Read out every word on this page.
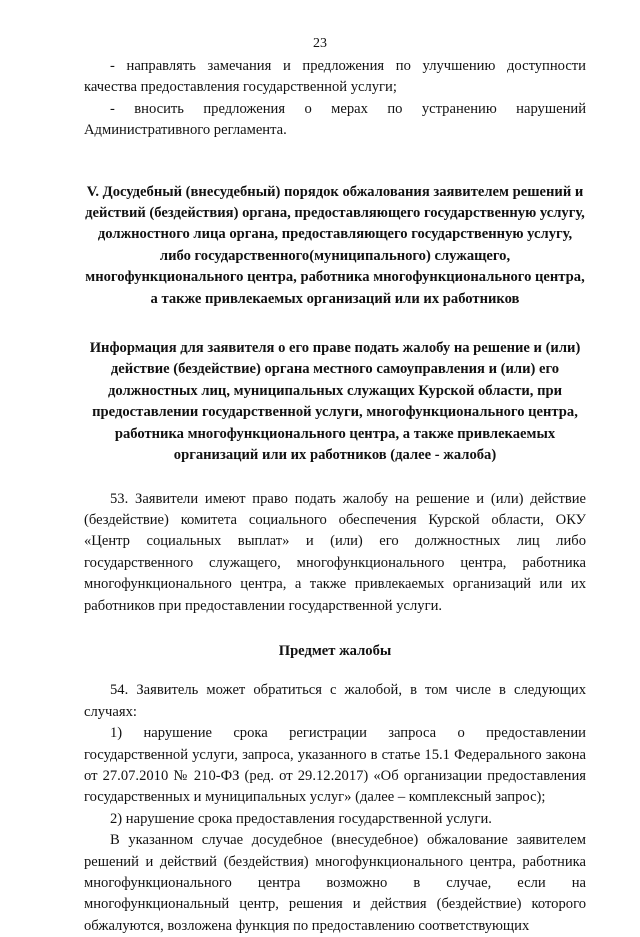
23

- направлять замечания и предложения по улучшению доступности качества предоставления государственной услуги;

- вносить предложения о мерах по устранению нарушений Административного регламента.

V. Досудебный (внесудебный) порядок обжалования заявителем решений и действий (бездействия) органа, предоставляющего государственную услугу, должностного лица органа, предоставляющего государственную услугу, либо государственного(муниципального) служащего, многофункционального центра, работника многофункционального центра, а также привлекаемых организаций или их работников

Информация для заявителя о его праве подать жалобу на решение и (или) действие (бездействие) органа местного самоуправления и (или) его должностных лиц, муниципальных служащих Курской области, при предоставлении государственной услуги, многофункционального центра, работника многофункционального центра, а также привлекаемых организаций или их работников (далее - жалоба)

53. Заявители имеют право подать жалобу на решение и (или) действие (бездействие) комитета социального обеспечения Курской области, ОКУ «Центр социальных выплат» и (или) его должностных лиц либо государственного служащего, многофункционального центра, работника многофункционального центра, а также привлекаемых организаций или их работников при предоставлении государственной услуги.

Предмет жалобы

54. Заявитель может обратиться с жалобой, в том числе в следующих случаях:

1) нарушение срока регистрации запроса о предоставлении государственной услуги, запроса, указанного в статье 15.1 Федерального закона от 27.07.2010 № 210-ФЗ (ред. от 29.12.2017) «Об организации предоставления государственных и муниципальных услуг» (далее – комплексный запрос);

2) нарушение срока предоставления государственной услуги.

В указанном случае досудебное (внесудебное) обжалование заявителем решений и действий (бездействия) многофункционального центра, работника многофункционального центра возможно в случае, если на многофункциональный центр, решения и действия (бездействие) которого обжалуются, возложена функция по предоставлению соответствующих
